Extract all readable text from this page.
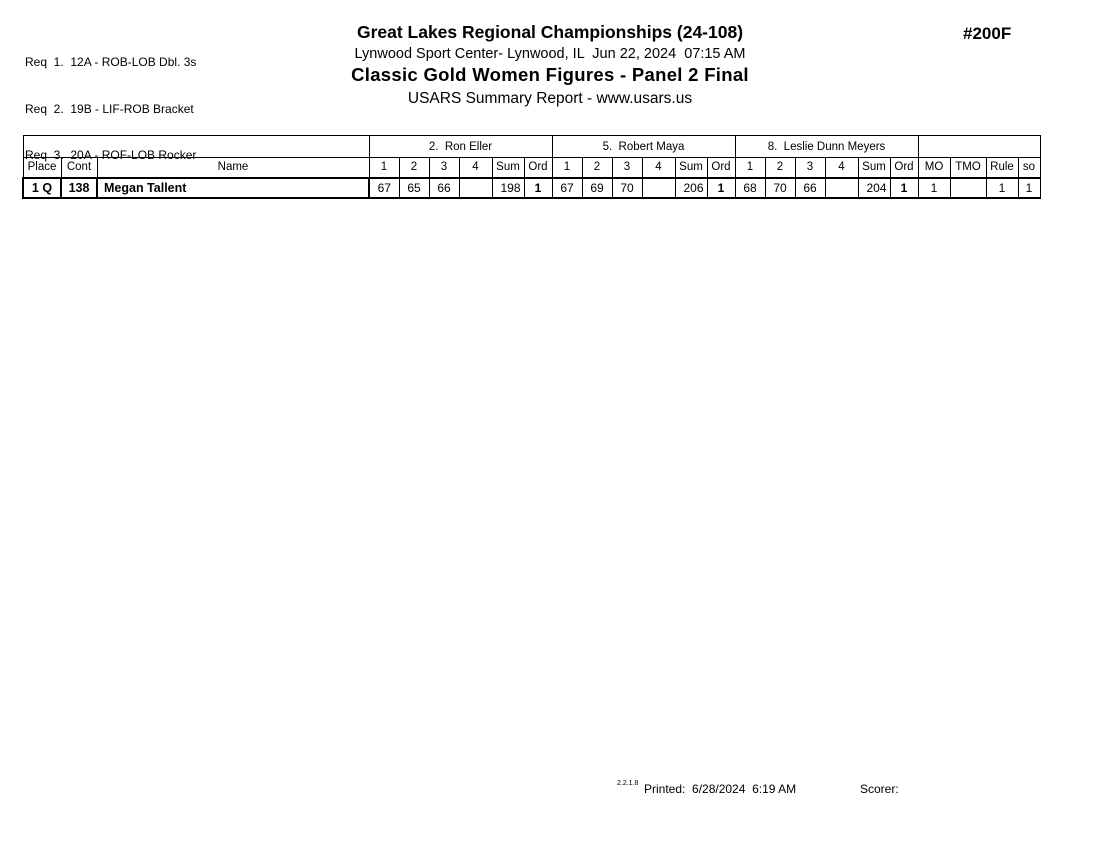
Req  1.  12A - ROB-LOB Dbl. 3s

Req  2.  19B - LIF-ROB Bracket

Req  3.  20A - ROF-LOB Rocker

Great Lakes Regional Championships (24-108)
Lynwood Sport Center- Lynwood, IL  Jun 22, 2024  07:15 AM
Classic Gold Women Figures - Panel 2 Final
USARS Summary Report - www.usars.us
#200F
			2.  Ron Eller						5.  Robert Maya						8.  Leslie Dunn Meyers									
Place	Cont	Name	1	2	3	4	Sum	Ord	1	2	3	4	Sum	Ord	1	2	3	4	Sum	Ord	MO	TMO	Rule	so
1 Q	138	Megan Tallent	67	65	66		198	1	67	69	70		206	1	68	70	66		204	1	1		1	1
2.2.1.8 Printed:  6/28/2024  6:19 AM	Scorer:
